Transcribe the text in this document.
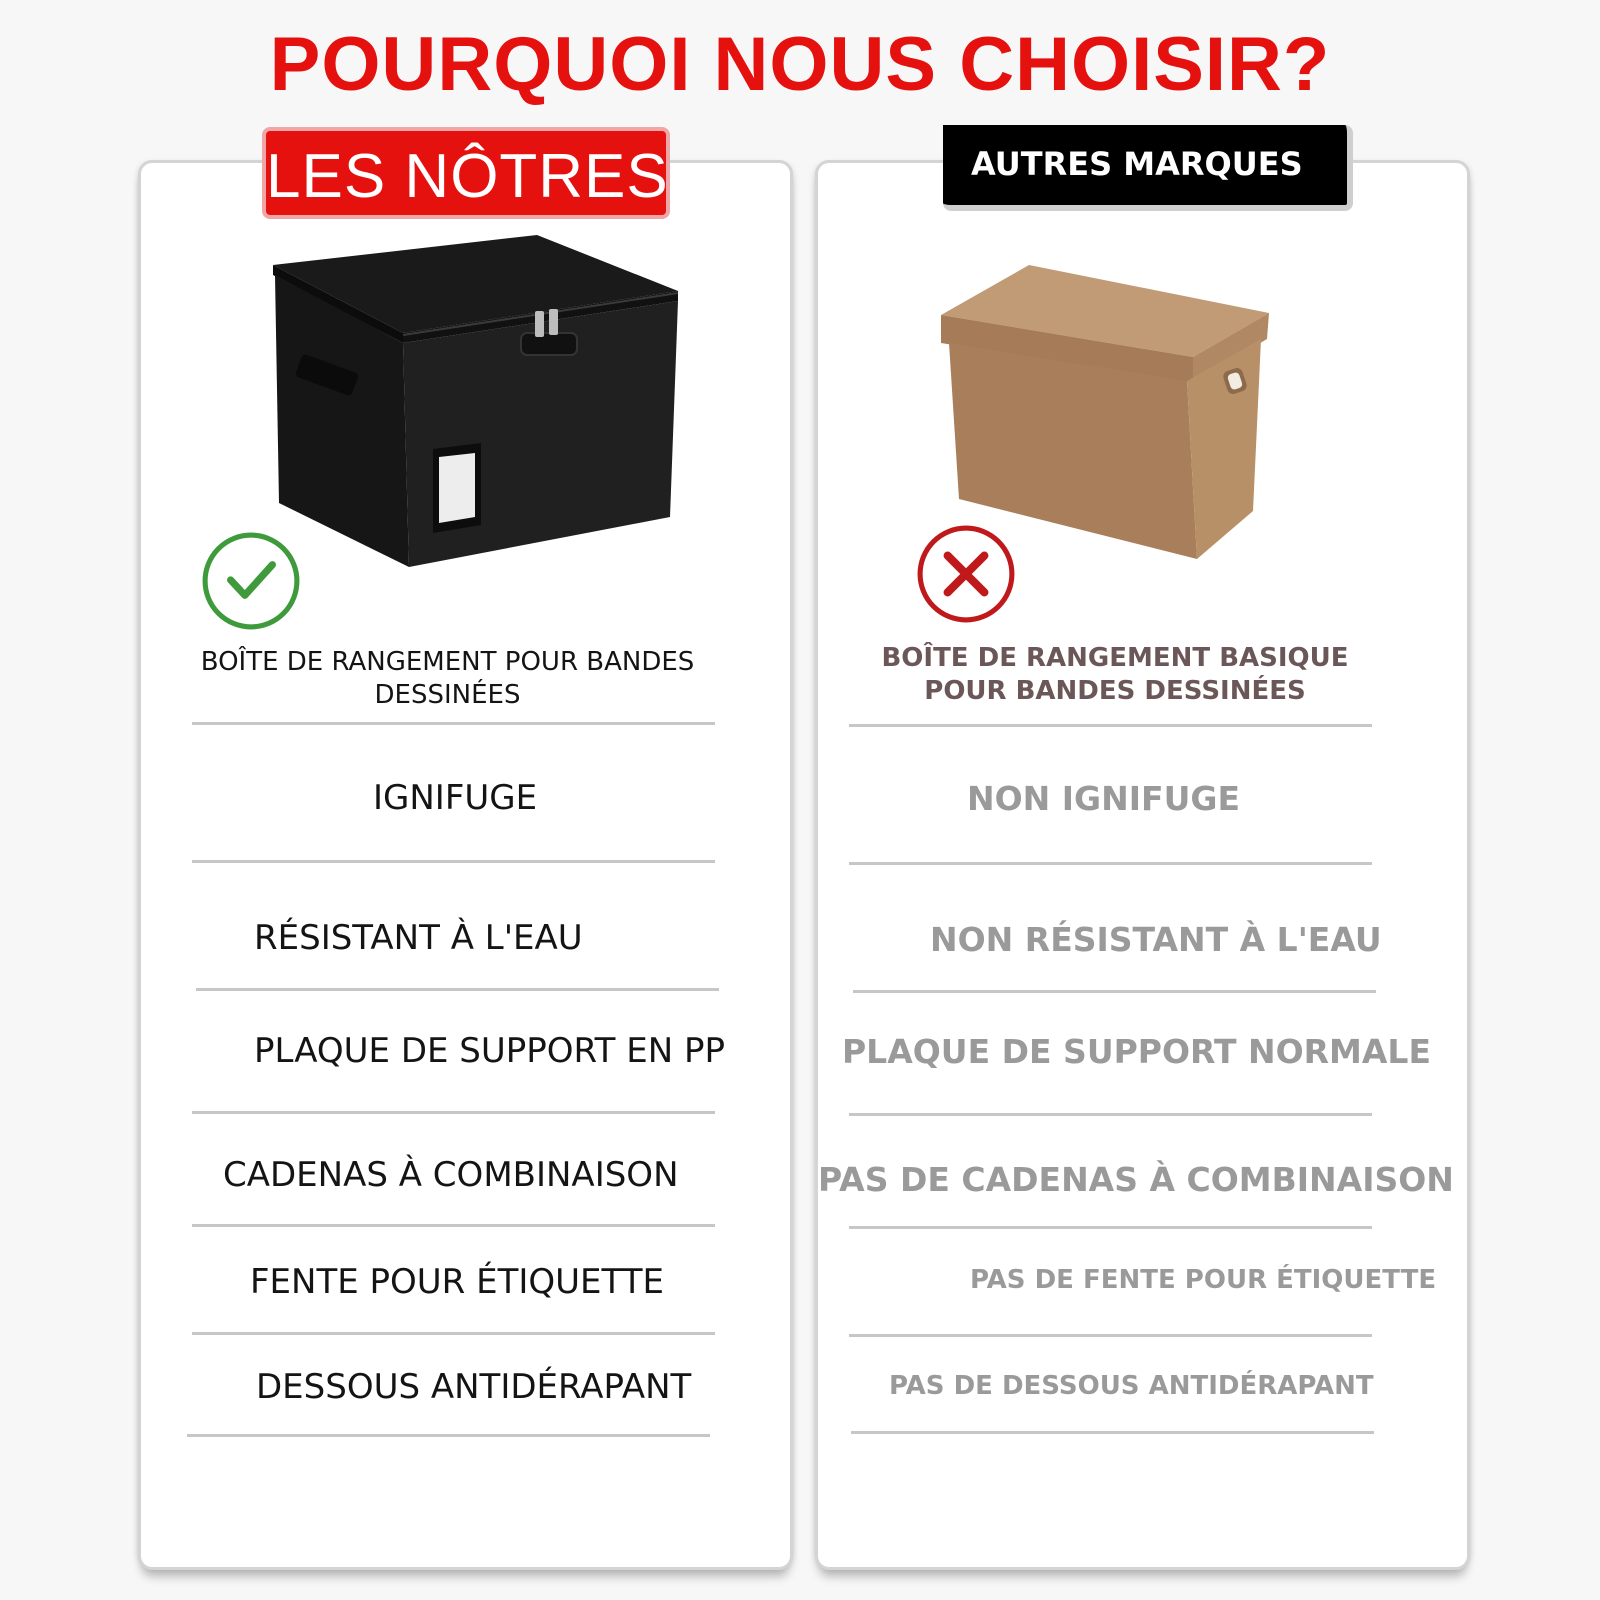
POURQUOI NOUS CHOISIR?
LES NÔTRES	AUTRES MARQUES
BOÎTE DE RANGEMENT POUR BANDES DESSINÉES
IGNIFUGE
RÉSISTANT À L'EAU
PLAQUE DE SUPPORT EN PP
CADENAS À COMBINAISON
FENTE POUR ÉTIQUETTE
DESSOUS ANTIDÉRAPANT
BOÎTE DE RANGEMENT BASIQUE POUR BANDES DESSINÉES
NON IGNIFUGE
NON RÉSISTANT À L'EAU
PLAQUE DE SUPPORT NORMALE
PAS DE CADENAS À COMBINAISON
PAS DE FENTE POUR ÉTIQUETTE
PAS DE DESSOUS ANTIDÉRAPANT
